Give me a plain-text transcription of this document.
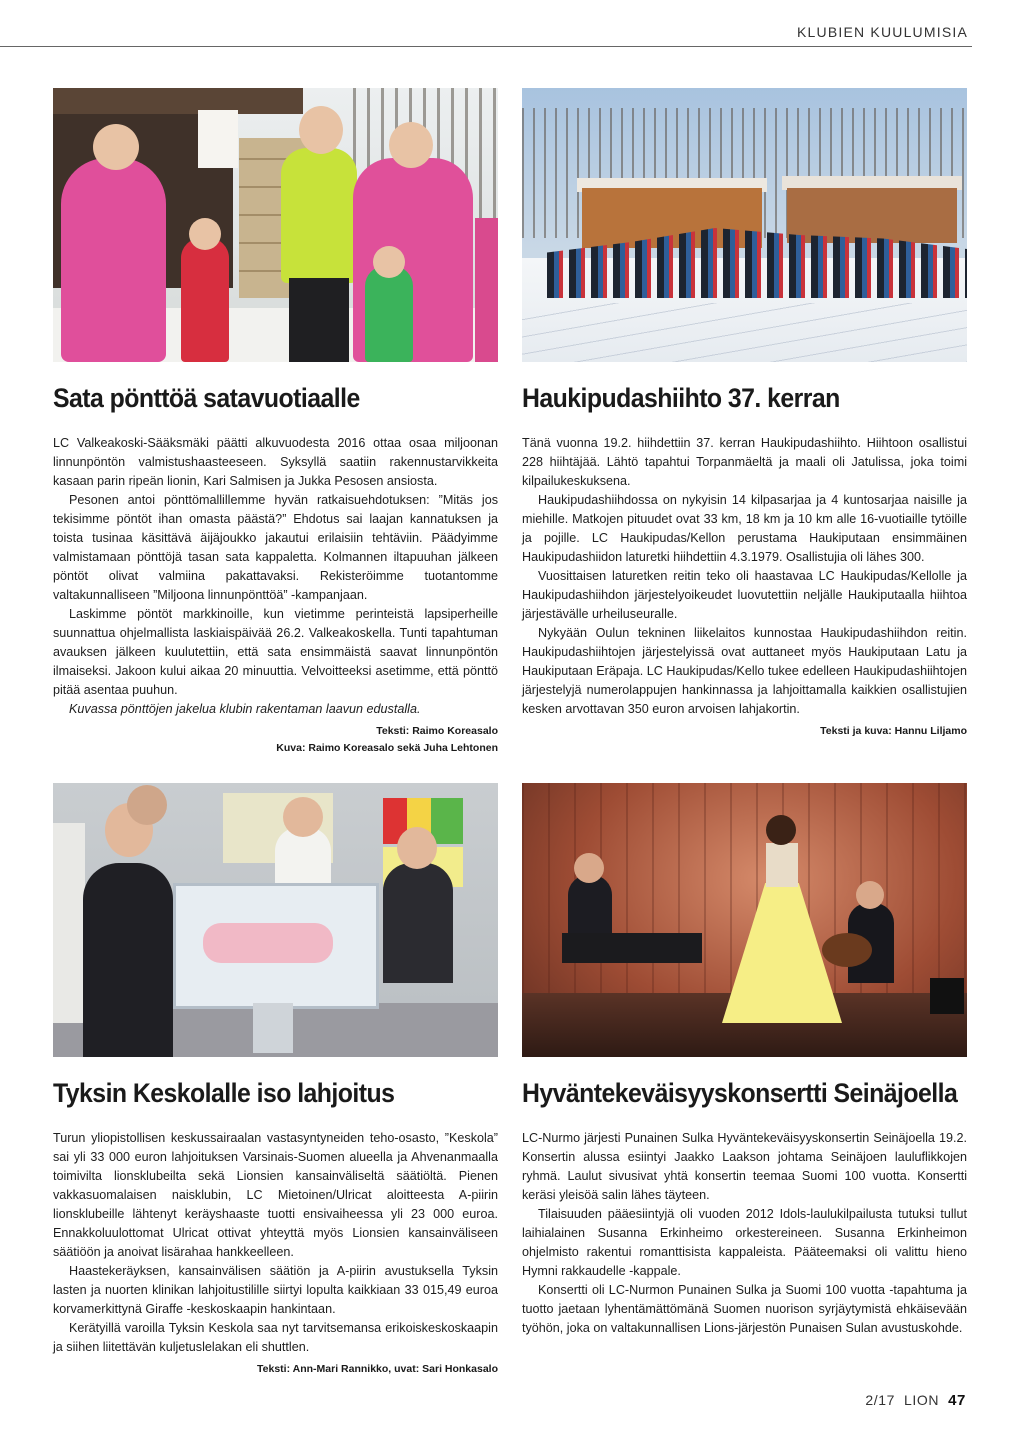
KLUBIEN KUULUMISIA
Sata pönttöä satavuotiaalle

LC Valkeakoski-Sääksmäki päätti alkuvuodesta 2016 ottaa osaa miljoonan linnunpöntön valmistushaasteeseen. Syksyllä saatiin rakennustarvikkeita kasaan parin ripeän lionin, Kari Salmisen ja Jukka Pesosen ansiosta.

Pesonen antoi pönttömallillemme hyvän ratkaisuehdotuksen: ”Mitäs jos tekisimme pöntöt ihan omasta päästä?” Ehdotus sai laajan kannatuksen ja toista tusinaa käsittävä äijäjoukko jakautui erilaisiin tehtäviin. Päädyimme valmistamaan pönttöjä tasan sata kappaletta. Kolmannen iltapuuhan jälkeen pöntöt olivat valmiina pakattavaksi. Rekisteröimme tuotantomme valtakunnalliseen ”Miljoona linnunpönttöä” -kampanjaan.

Laskimme pöntöt markkinoille, kun vietimme perinteistä lapsiperheille suunnattua ohjelmallista laskiaispäivää 26.2. Valkeakoskella. Tunti tapahtuman avauksen jälkeen kuulutettiin, että sata ensimmäistä saavat linnunpöntön ilmaiseksi. Jakoon kului aikaa 20 minuuttia. Velvoitteeksi asetimme, että pönttö pitää asentaa puuhun.

Kuvassa pönttöjen jakelua klubin rakentaman laavun edustalla.

Teksti: Raimo Koreasalo
Kuva: Raimo Koreasalo sekä Juha Lehtonen
Haukipudashiihto 37. kerran

Tänä vuonna 19.2. hiihdettiin 37. kerran Haukipudashiihto. Hiihtoon osallistui 228 hiihtäjää. Lähtö tapahtui Torpanmäeltä ja maali oli Jatulissa, joka toimi kilpailukeskuksena.

Haukipudashiihdossa on nykyisin 14 kilpasarjaa ja 4 kuntosarjaa naisille ja miehille. Matkojen pituudet ovat 33 km, 18 km ja 10 km alle 16-vuotiaille tytöille ja pojille. LC Haukipudas/Kellon perustama Haukiputaan ensimmäinen Haukipudashiidon laturetki hiihdettiin 4.3.1979. Osallistujia oli lähes 300.

Vuosittaisen laturetken reitin teko oli haastavaa LC Haukipudas/Kellolle ja Haukipudashiihdon järjestelyoikeudet luovutettiin neljälle Haukiputaalla hiihtoa järjestävälle urheiluseuralle.

Nykyään Oulun tekninen liikelaitos kunnostaa Haukipudashiihdon reitin. Haukipudashiihtojen järjestelyissä ovat auttaneet myös Haukiputaan Latu ja Haukiputaan Eräpaja. LC Haukipudas/Kello tukee edelleen Haukipudashiihtojen järjestelyjä numerolappujen hankinnassa ja lahjoittamalla kaikkien osallistujien kesken arvottavan 350 euron arvoisen lahjakortin.

Teksti ja kuva: Hannu Liljamo
Tyksin Keskolalle iso lahjoitus

Turun yliopistollisen keskussairaalan vastasyntyneiden teho-osasto, ”Keskola” sai yli 33 000 euron lahjoituksen Varsinais-Suomen alueella ja Ahvenanmaalla toimivilta lionsklubeilta sekä Lionsien kansainväliseltä säätiöltä. Pienen vakkasuomalaisen naisklubin, LC Mietoinen/Ulricat aloitteesta A-piirin lionsklubeille lähtenyt keräyshaaste tuotti ensivaiheessa yli 23 000 euroa. Ennakkoluulottomat Ulricat ottivat yhteyttä myös Lionsien kansainväliseen säätiöön ja anoivat lisärahaa hankkeelleen.

Haastekeräyksen, kansainvälisen säätiön ja A-piirin avustuksella Tyksin lasten ja nuorten klinikan lahjoitustilille siirtyi lopulta kaikkiaan 33 015,49 euroa korvamerkittynä Giraffe -keskoskaapin hankintaan.

Kerätyillä varoilla Tyksin Keskola saa nyt tarvitsemansa erikoiskeskoskaapin ja siihen liitettävän kuljetuslelakan eli shuttlen.

Teksti: Ann-Mari Rannikko, uvat: Sari Honkasalo
Hyväntekeväisyyskonsertti Seinäjoella

LC-Nurmo järjesti Punainen Sulka Hyväntekeväisyyskonsertin Seinäjoella 19.2. Konsertin alussa esiintyi Jaakko Laakson johtama Seinäjoen lauluflikkojen ryhmä. Laulut sivusivat yhtä konsertin teemaa Suomi 100 vuotta. Konsertti keräsi yleisöä salin lähes täyteen.

Tilaisuuden pääesiintyjä oli vuoden 2012 Idols-laulukilpailusta tutuksi tullut laihialainen Susanna Erkinheimo orkestereineen. Susanna Erkinheimon ohjelmisto rakentui romanttisista kappaleista. Pääteemaksi oli valittu hieno Hymni rakkaudelle -kappale.

Konsertti oli LC-Nurmon Punainen Sulka ja Suomi 100 vuotta -tapahtuma ja tuotto jaetaan lyhentämättömänä Suomen nuorison syrjäytymistä ehkäisevään työhön, joka on valtakunnallisen Lions-järjestön Punaisen Sulan avustuskohde.

2/17 LION 47
